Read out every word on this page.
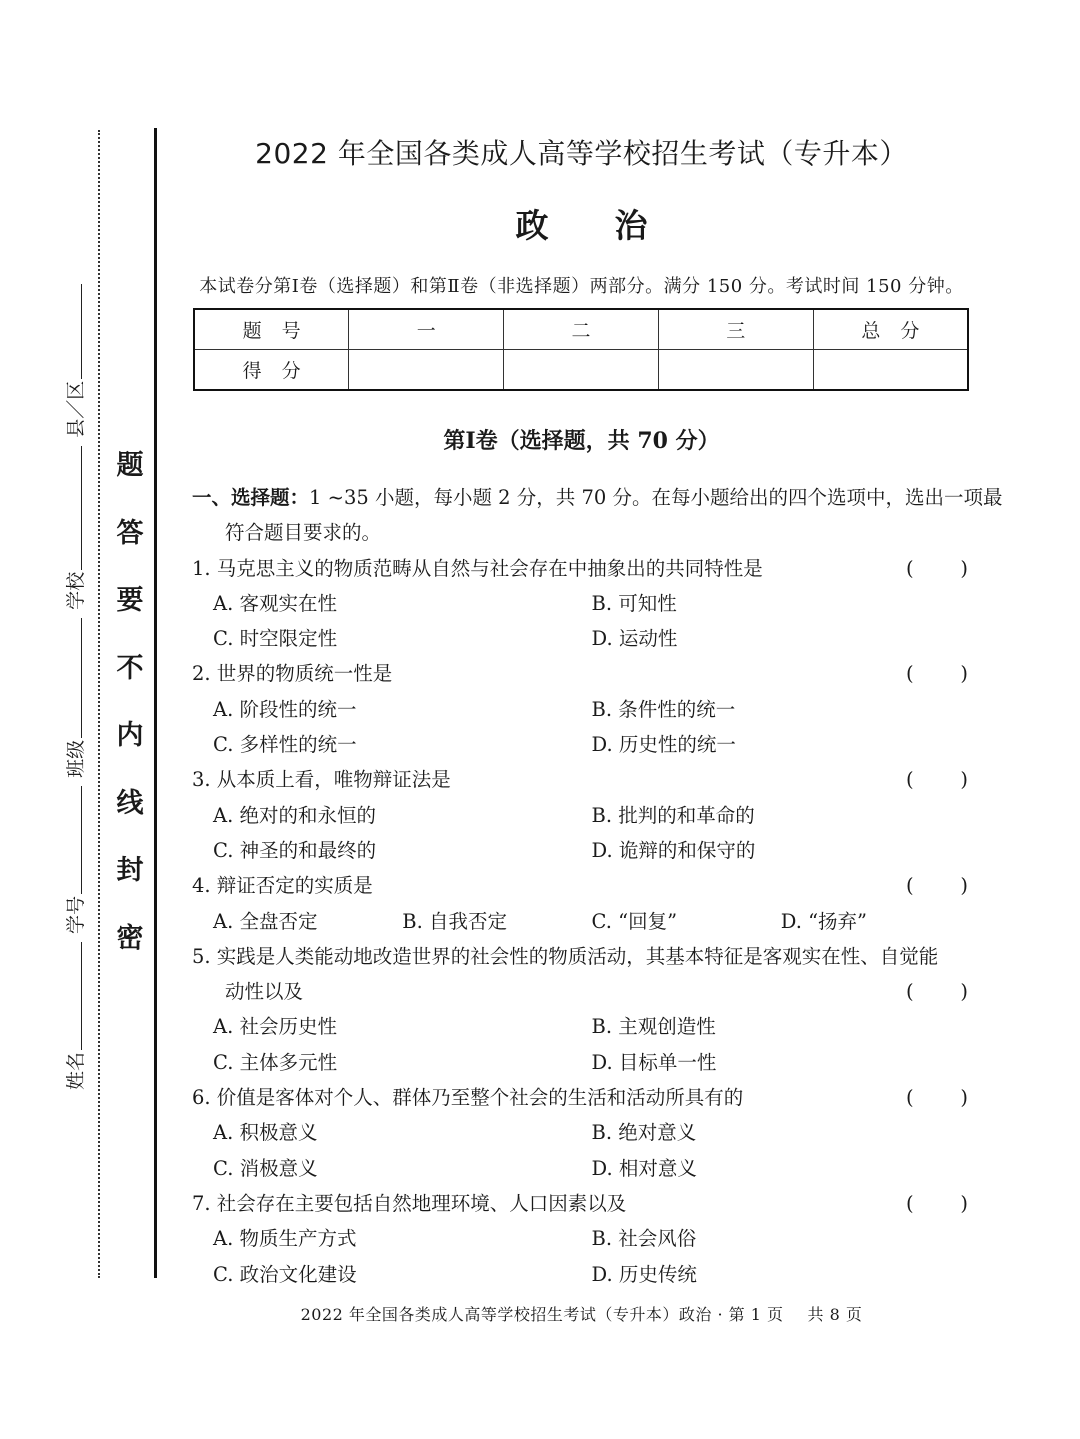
姓名 学号 班级 学校 县／区
题
答
要
不
内
线
封
密
2022 年全国各类成人高等学校招生考试（专升本）
政治
本试卷分第Ⅰ卷（选择题）和第Ⅱ卷（非选择题）两部分。满分 150 分。考试时间 150 分钟。
题号	一	二	三	总分
得分				
第Ⅰ卷（选择题，共 70 分）
一、选择题：1 ~35 小题，每小题 2 分，共 70 分。在每小题给出的四个选项中，选出一项最
符合题目要求的。
1. 马克思主义的物质范畴从自然与社会存在中抽象出的共同特性是	( )
A. 客观实在性	B. 可知性
C. 时空限定性	D. 运动性
2. 世界的物质统一性是	( )
A. 阶段性的统一	B. 条件性的统一
C. 多样性的统一	D. 历史性的统一
3. 从本质上看，唯物辩证法是	( )
A. 绝对的和永恒的	B. 批判的和革命的
C. 神圣的和最终的	D. 诡辩的和保守的
4. 辩证否定的实质是	( )
A. 全盘否定	B. 自我否定	C. “回复”	D. “扬弃”
5. 实践是人类能动地改造世界的社会性的物质活动，其基本特征是客观实在性、自觉能
动性以及	( )
A. 社会历史性	B. 主观创造性
C. 主体多元性	D. 目标单一性
6. 价值是客体对个人、群体乃至整个社会的生活和活动所具有的	( )
A. 积极意义	B. 绝对意义
C. 消极意义	D. 相对意义
7. 社会存在主要包括自然地理环境、人口因素以及	( )
A. 物质生产方式	B. 社会风俗
C. 政治文化建设	D. 历史传统
2022 年全国各类成人高等学校招生考试（专升本）政治 · 第 1 页 共 8 页
